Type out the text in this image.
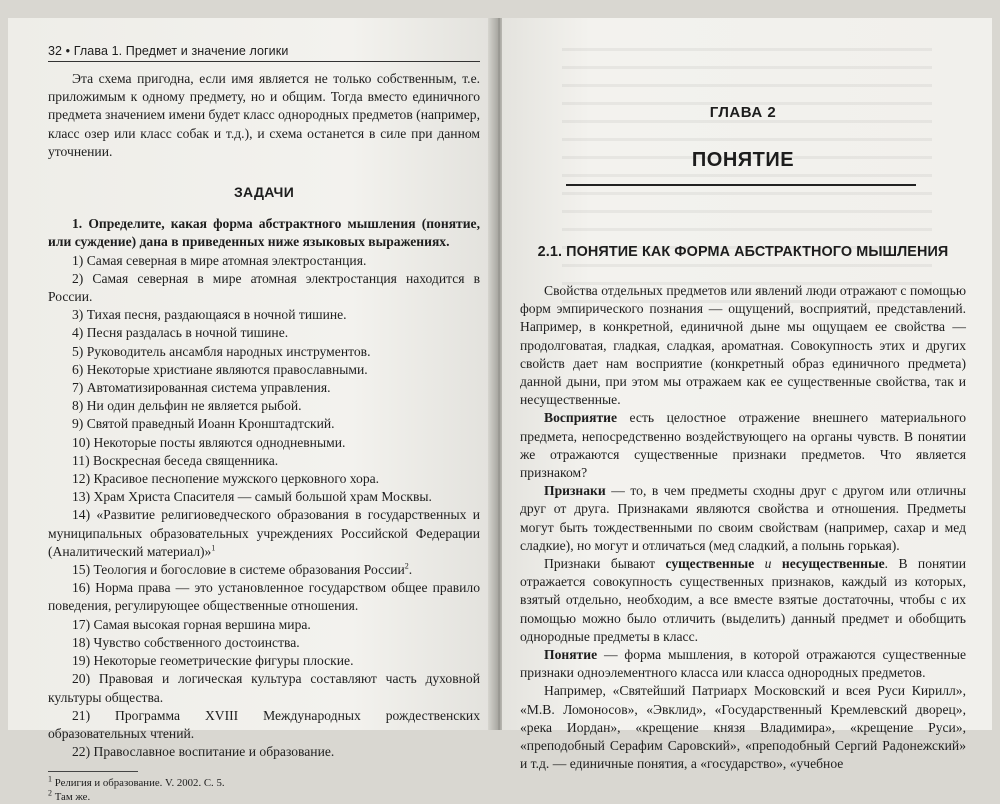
32 • Глава 1. Предмет и значение логики

Эта схема пригодна, если имя является не только собственным, т.е. приложимым к одному предмету, но и общим. Тогда вместо единичного предмета значением имени будет класс однородных предметов (например, класс озер или класс собак и т.д.), и схема останется в силе при данном уточнении.

ЗАДАЧИ

1. Определите, какая форма абстрактного мышления (понятие, или суждение) дана в приведенных ниже языковых выражениях.

1) Самая северная в мире атомная электростанция.

2) Самая северная в мире атомная электростанция находится в России.

3) Тихая песня, раздающаяся в ночной тишине.

4) Песня раздалась в ночной тишине.

5) Руководитель ансамбля народных инструментов.

6) Некоторые христиане являются православными.

7) Автоматизированная система управления.

8) Ни один дельфин не является рыбой.

9) Святой праведный Иоанн Кронштадтский.

10) Некоторые посты являются однодневными.

11) Воскресная беседа священника.

12) Красивое песнопение мужского церковного хора.

13) Храм Христа Спасителя — самый большой храм Москвы.

14) «Развитие религиоведческого образования в государственных и муниципальных образовательных учреждениях Российской Федерации (Аналитический материал)»$^1$

15) Теология и богословие в системе образования России$^2$.

16) Норма права — это установленное государством общее правило поведения, регулирующее общественные отношения.

17) Самая высокая горная вершина мира.

18) Чувство собственного достоинства.

19) Некоторые геометрические фигуры плоские.

20) Правовая и логическая культура составляют часть духовной культуры общества.

21) Программа XVIII Международных рождественских образовательных чтений.

22) Православное воспитание и образование.

$^1$ Религия и образование. V. 2002. С. 5.
$^2$ Там же.
ГЛАВА 2
ПОНЯТИЕ
2.1. ПОНЯТИЕ КАК ФОРМА АБСТРАКТНОГО МЫШЛЕНИЯ

Свойства отдельных предметов или явлений люди отражают с помощью форм эмпирического познания — ощущений, восприятий, представлений. Например, в конкретной, единичной дыне мы ощущаем ее свойства — продолговатая, гладкая, сладкая, ароматная. Совокупность этих и других свойств дает нам восприятие (конкретный образ единичного предмета) данной дыни, при этом мы отражаем как ее существенные свойства, так и несущественные.

Восприятие есть целостное отражение внешнего материального предмета, непосредственно воздействующего на органы чувств. В понятии же отражаются существенные признаки предметов. Что является признаком?

Признаки — то, в чем предметы сходны друг с другом или отличны друг от друга. Признаками являются свойства и отношения. Предметы могут быть тождественными по своим свойствам (например, сахар и мед сладкие), но могут и отличаться (мед сладкий, а полынь горькая).

Признаки бывают существенные и несущественные. В понятии отражается совокупность существенных признаков, каждый из которых, взятый отдельно, необходим, а все вместе взятые достаточны, чтобы с их помощью можно было отличить (выделить) данный предмет и обобщить однородные предметы в класс.

Понятие — форма мышления, в которой отражаются существенные признаки одноэлементного класса или класса однородных предметов.

Например, «Святейший Патриарх Московский и всея Руси Кирилл», «М.В. Ломоносов», «Эвклид», «Государственный Кремлевский дворец», «река Иордан», «крещение князя Владимира», «крещение Руси», «преподобный Серафим Саровский», «преподобный Сергий Радонежский» и т.д. — единичные понятия, а «государство», «учебное
